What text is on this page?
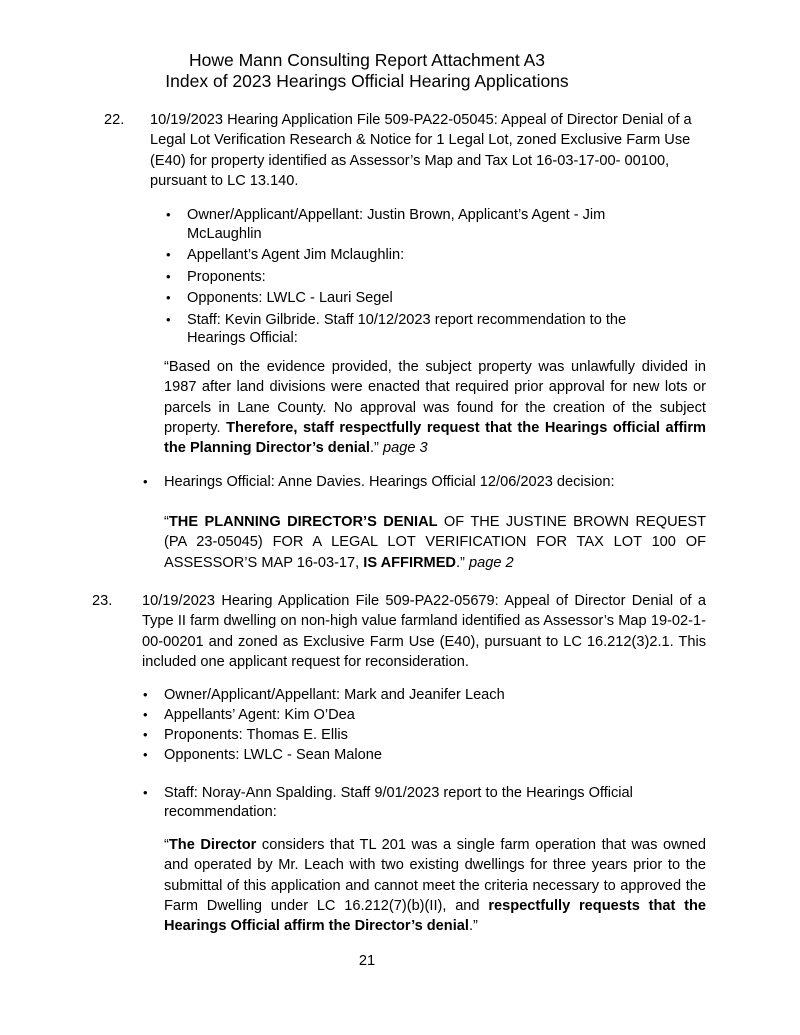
Howe Mann Consulting Report Attachment A3
Index of 2023 Hearings Official Hearing Applications
22. 10/19/2023 Hearing Application File 509-PA22-05045: Appeal of Director Denial of a Legal Lot Verification Research & Notice for 1 Legal Lot, zoned Exclusive Farm Use (E40) for property identified as Assessor’s Map and Tax Lot 16-03-17-00- 00100, pursuant to LC 13.140.

• Owner/Applicant/Appellant: Justin Brown, Applicant’s Agent - Jim McLaughlin
• Appellant’s Agent Jim Mclaughlin:
• Proponents:
• Opponents: LWLC - Lauri Segel
• Staff: Kevin Gilbride. Staff 10/12/2023 report recommendation to the Hearings Official:

“Based on the evidence provided, the subject property was unlawfully divided in 1987 after land divisions were enacted that required prior approval for new lots or parcels in Lane County. No approval was found for the creation of the subject property. Therefore, staff respectfully request that the Hearings official affirm the Planning Director’s denial.” page 3

• Hearings Official: Anne Davies. Hearings Official 12/06/2023 decision:

“THE PLANNING DIRECTOR’S DENIAL OF THE JUSTINE BROWN REQUEST (PA 23-05045) FOR A LEGAL LOT VERIFICATION FOR TAX LOT 100 OF ASSESSOR’S MAP 16-03-17, IS AFFIRMED.” page 2

23. 10/19/2023 Hearing Application File 509-PA22-05679: Appeal of Director Denial of a Type II farm dwelling on non-high value farmland identified as Assessor’s Map 19-02-1-00-00201 and zoned as Exclusive Farm Use (E40), pursuant to LC 16.212(3)2.1. This included one applicant request for reconsideration.

• Owner/Applicant/Appellant: Mark and Jeanifer Leach
• Appellants’ Agent: Kim O’Dea
• Proponents: Thomas E. Ellis
• Opponents: LWLC - Sean Malone
• Staff: Noray-Ann Spalding. Staff 9/01/2023 report to the Hearings Official recommendation:

“The Director considers that TL 201 was a single farm operation that was owned and operated by Mr. Leach with two existing dwellings for three years prior to the submittal of this application and cannot meet the criteria necessary to approved the Farm Dwelling under LC 16.212(7)(b)(II), and respectfully requests that the Hearings Official affirm the Director’s denial.”

21
